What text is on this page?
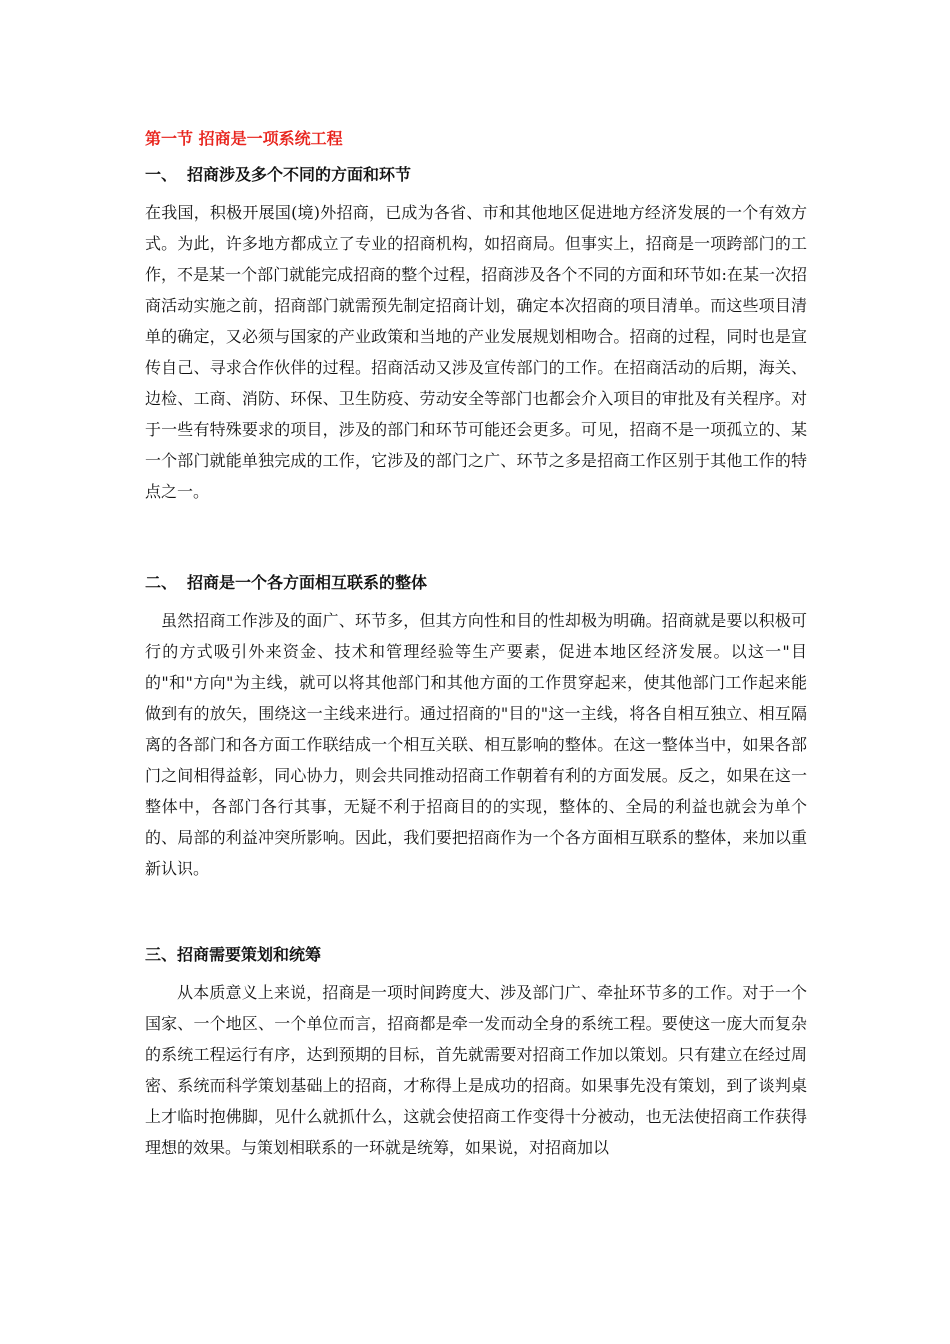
第一节 招商是一项系统工程
一、 招商涉及多个不同的方面和环节
在我国，积极开展国(境)外招商，已成为各省、市和其他地区促进地方经济发展的一个有效方式。为此，许多地方都成立了专业的招商机构，如招商局。但事实上，招商是一项跨部门的工作，不是某一个部门就能完成招商的整个过程，招商涉及各个不同的方面和环节如:在某一次招商活动实施之前，招商部门就需预先制定招商计划，确定本次招商的项目清单。而这些项目清单的确定，又必须与国家的产业政策和当地的产业发展规划相吻合。招商的过程，同时也是宣传自己、寻求合作伙伴的过程。招商活动又涉及宣传部门的工作。在招商活动的后期，海关、边检、工商、消防、环保、卫生防疫、劳动安全等部门也都会介入项目的审批及有关程序。对于一些有特殊要求的项目，涉及的部门和环节可能还会更多。可见，招商不是一项孤立的、某一个部门就能单独完成的工作，它涉及的部门之广、环节之多是招商工作区别于其他工作的特点之一。
二、 招商是一个各方面相互联系的整体
虽然招商工作涉及的面广、环节多，但其方向性和目的性却极为明确。招商就是要以积极可行的方式吸引外来资金、技术和管理经验等生产要素，促进本地区经济发展。以这一"目的"和"方向"为主线，就可以将其他部门和其他方面的工作贯穿起来，使其他部门工作起来能做到有的放矢，围绕这一主线来进行。通过招商的"目的"这一主线，将各自相互独立、相互隔离的各部门和各方面工作联结成一个相互关联、相互影响的整体。在这一整体当中，如果各部门之间相得益彰，同心协力，则会共同推动招商工作朝着有利的方面发展。反之，如果在这一整体中，各部门各行其事，无疑不利于招商目的的实现，整体的、全局的利益也就会为单个的、局部的利益冲突所影响。因此，我们要把招商作为一个各方面相互联系的整体，来加以重新认识。
三、招商需要策划和统筹
从本质意义上来说，招商是一项时间跨度大、涉及部门广、牵扯环节多的工作。对于一个国家、一个地区、一个单位而言，招商都是牵一发而动全身的系统工程。要使这一庞大而复杂的系统工程运行有序，达到预期的目标，首先就需要对招商工作加以策划。只有建立在经过周密、系统而科学策划基础上的招商，才称得上是成功的招商。如果事先没有策划，到了谈判桌上才临时抱佛脚，见什么就抓什么，这就会使招商工作变得十分被动，也无法使招商工作获得理想的效果。与策划相联系的一环就是统筹，如果说，对招商加以
